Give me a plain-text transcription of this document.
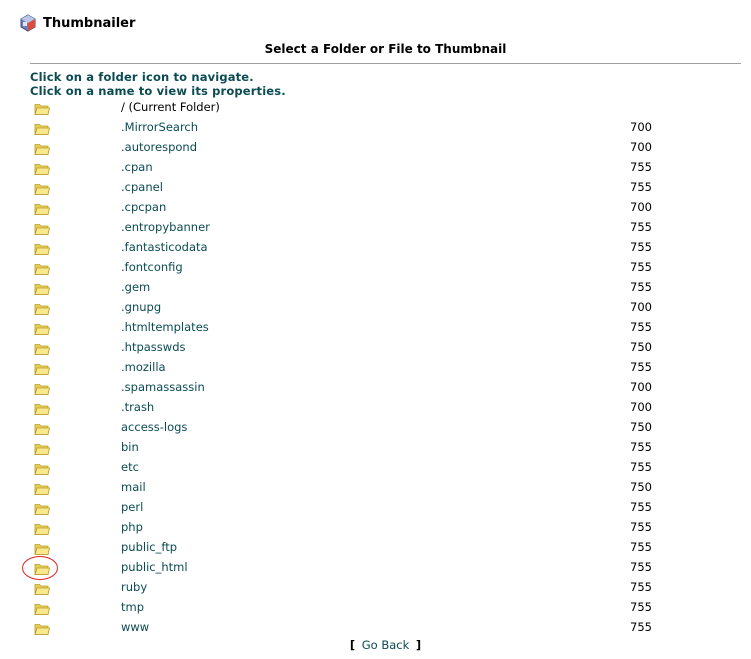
Thumbnailer
Select a Folder or File to Thumbnail
Click on a folder icon to navigate.
Click on a name to view its properties.
/ (Current Folder)
.MirrorSearch	700
.autorespond	700
.cpan	755
.cpanel	755
.cpcpan	700
.entropybanner	755
.fantasticodata	755
.fontconfig	755
.gem	755
.gnupg	700
.htmltemplates	755
.htpasswds	750
.mozilla	755
.spamassassin	700
.trash	700
access-logs	750
bin	755
etc	755
mail	750
perl	755
php	755
public_ftp	755
public_html	755
ruby	755
tmp	755
www	755
[ Go Back ]
